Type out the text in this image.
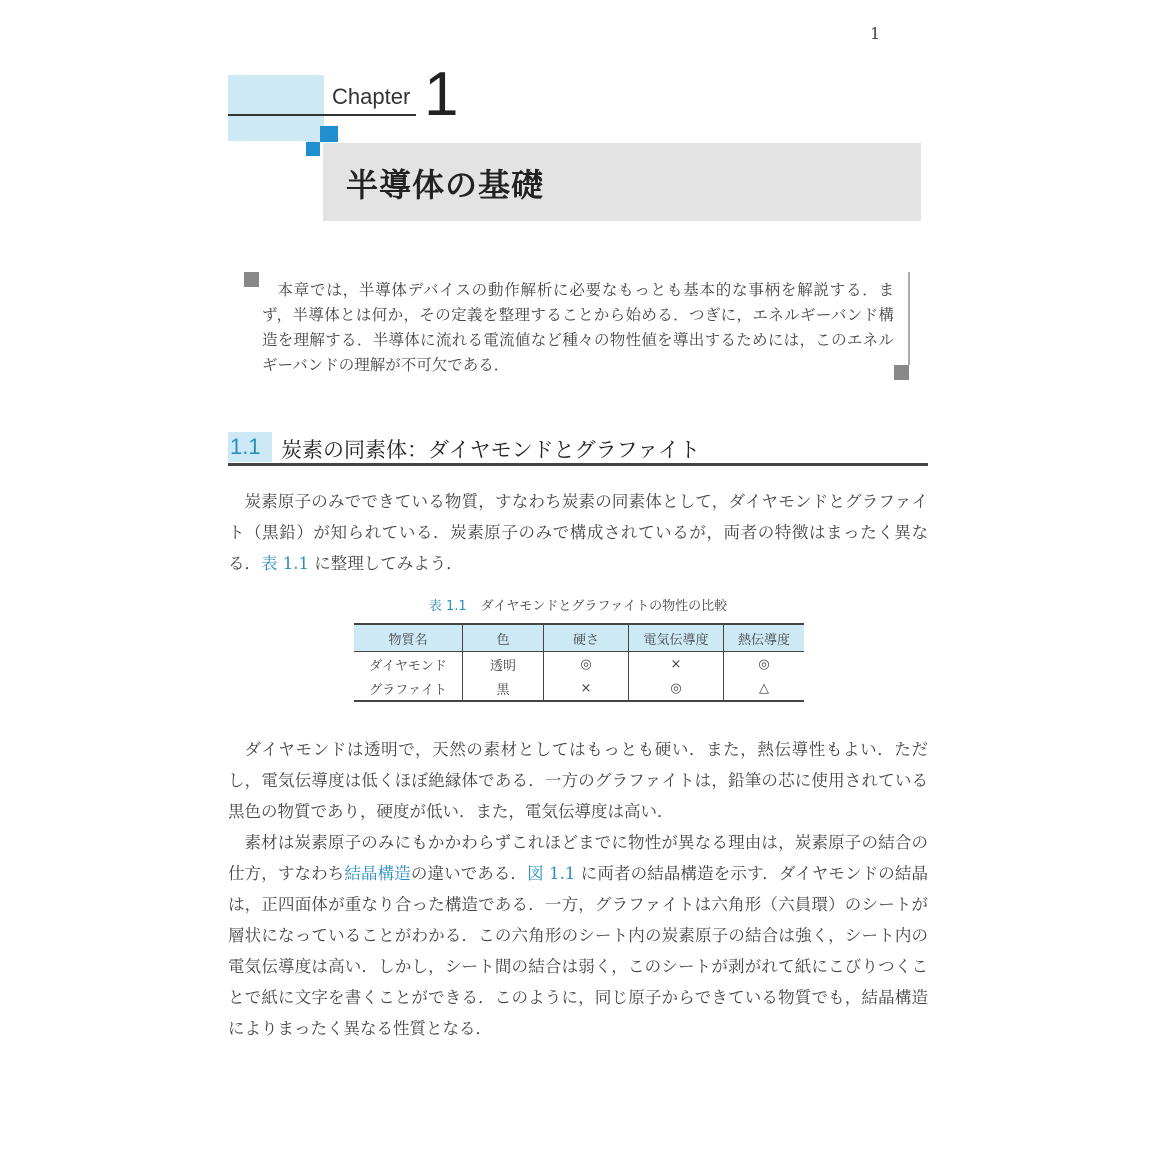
1
Chapter 1
半導体の基礎

本章では，半導体デバイスの動作解析に必要なもっとも基本的な事柄を解説する．まず，半導体とは何か，その定義を整理することから始める．つぎに，エネルギーバンド構造を理解する．半導体に流れる電流値など種々の物性値を導出するためには，このエネルギーバンドの理解が不可欠である．

1.1 炭素の同素体：ダイヤモンドとグラファイト

炭素原子のみでできている物質，すなわち炭素の同素体として，ダイヤモンドとグラファイト（黒鉛）が知られている．炭素原子のみで構成されているが，両者の特徴はまったく異なる．表 1.1 に整理してみよう．

表 1.1 ダイヤモンドとグラファイトの物性の比較
物質名	色	硬さ	電気伝導度	熱伝導度
ダイヤモンド	透明	◎	×	◎
グラファイト	黒	×	◎	△

ダイヤモンドは透明で，天然の素材としてはもっとも硬い．また，熱伝導性もよい．ただし，電気伝導度は低くほぼ絶縁体である．一方のグラファイトは，鉛筆の芯に使用されている黒色の物質であり，硬度が低い．また，電気伝導度は高い．

素材は炭素原子のみにもかかわらずこれほどまでに物性が異なる理由は，炭素原子の結合の仕方，すなわち結晶構造の違いである．図 1.1 に両者の結晶構造を示す．ダイヤモンドの結晶は，正四面体が重なり合った構造である．一方，グラファイトは六角形（六員環）のシートが層状になっていることがわかる．この六角形のシート内の炭素原子の結合は強く，シート内の電気伝導度は高い．しかし，シート間の結合は弱く，このシートが剥がれて紙にこびりつくことで紙に文字を書くことができる．このように，同じ原子からできている物質でも，結晶構造によりまったく異なる性質となる．
